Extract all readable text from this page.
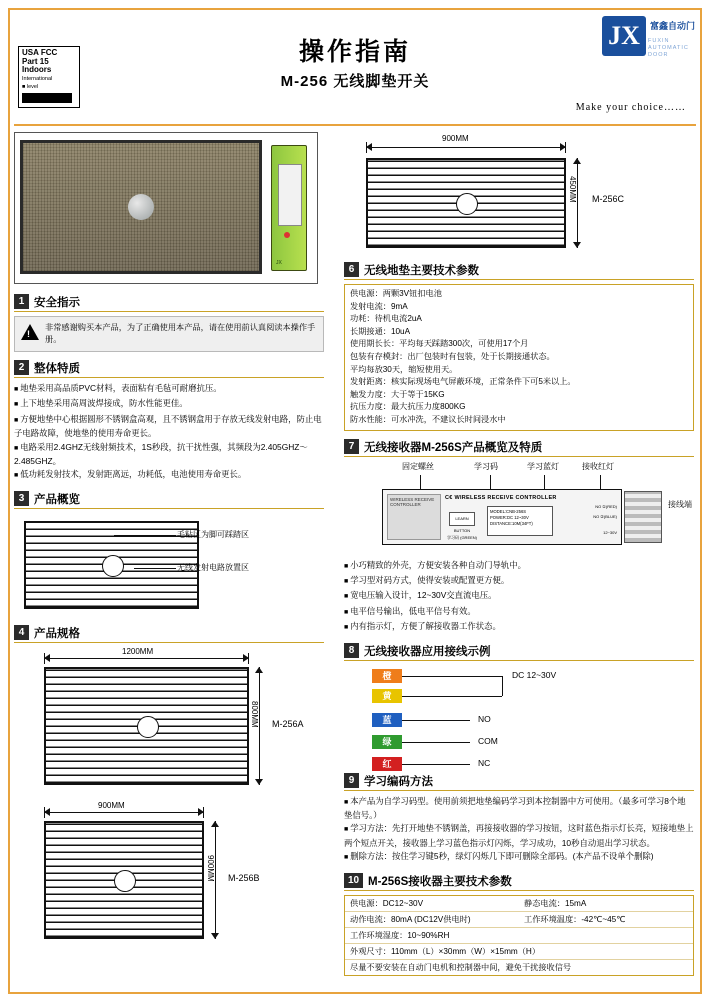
JX	富鑫自动门
FUXIN AUTOMATIC DOOR
USA FCC
Part 15
Indoors
International
■ level
操作指南
M-256 无线脚垫开关
Make your choice……
JX
1 安全指示
!
非常感谢购买本产品，为了正确使用本产品，请在使用前认真阅读本操作手册。
2 整体特质

■ 地垫采用高品质PVC材料，表面粘有毛毡可耐磨抗压。

■ 上下地垫采用高周波焊接成，防水性能更佳。

■ 方便地垫中心根据圆形不锈钢盒高观，且不锈钢盒用于存放无线发射电路，防止电子电路故障，使地垫的使用寿命更长。

■ 电路采用2.4GHZ无线射频技术，1S秒段，抗干扰性强，其频段为2.405GHZ～2.485GHZ。

■ 低功耗发射技术，发射距离远，功耗低，电池使用寿命更长。

3 产品概览
毛粘区为脚可踩踏区
无线发射电路放置区
4 产品规格
1200MM
800MM M-256A
900MM
900MM M-256B
900MM
450MM M-256C
6 无线地垫主要技术参数

供电源：两颗3V钮扣电池

发射电流：9mA

功耗：待机电流2uA

长期接通：10uA

使用期长长：平均每天踩踏300次，可使用17个月

包装有存模封：出厂包装时有包装，处于长期接通状态。

平均每放30天，缩短使用天。

发射距离：核实际现场电气屏蔽环境，正常条件下可5米以上。

触发力度：大于等于15KG

抗压力度：最大抗压力度800KG

防水性能：可水冲洗，不建议长时间浸水中

7 无线接收器M-256S产品概览及特质
固定螺丝	学习码	学习蓝灯	接收红灯
WIRELESS RECEIVE CONTROLLER
C€ WIRELESS RECEIVE CONTROLLER
LEARN BUTTON
MODEL:CNB-256S
POWER:DC 12~30V
DISTANCE:10M(34FT)
NO ①(RED)
NO ②(BLUE)
12~30V
学习码 (GREEN)
接线端

■ 小巧精致的外壳，方便安装各种自动门导轨中。

■ 学习型对码方式，使得安装或配置更方便。

■ 宽电压输入设计，12~30V交直流电压。

■ 电平信号输出，低电平信号有效。

■ 内有指示灯，方便了解接收器工作状态。

8 无线接收器应用接线示例
橙	DC 12~30V
黄
蓝	NO
绿	COM
红	NC
9 学习编码方法

■ 本产品为自学习码型。使用前须把地垫编码学习到本控制器中方可使用。（最多可学习8个地垫信号。）

■ 学习方法：先打开地垫不锈钢盖，再接接收器的学习按钮，这时蓝色指示灯长亮，短接地垫上两个短点开关，接收器上学习蓝色指示灯闪烁，学习成功，10秒自动退出学习状态。

■ 删除方法：按住学习键5秒，绿灯闪烁几下即可删除全部码。(本产品不设单个删除)

10 M-256S接收器主要技术参数
供电源：DC12~30V	静态电流：15mA
动作电流：80mA (DC12V供电时)	工作环境温度：-42℃~45℃
工作环境湿度：10~90%RH
外观尺寸：110mm（L）×30mm（W）×15mm（H）
尽量不要安装在自动门电机和控制器中间，避免干扰接收信号
